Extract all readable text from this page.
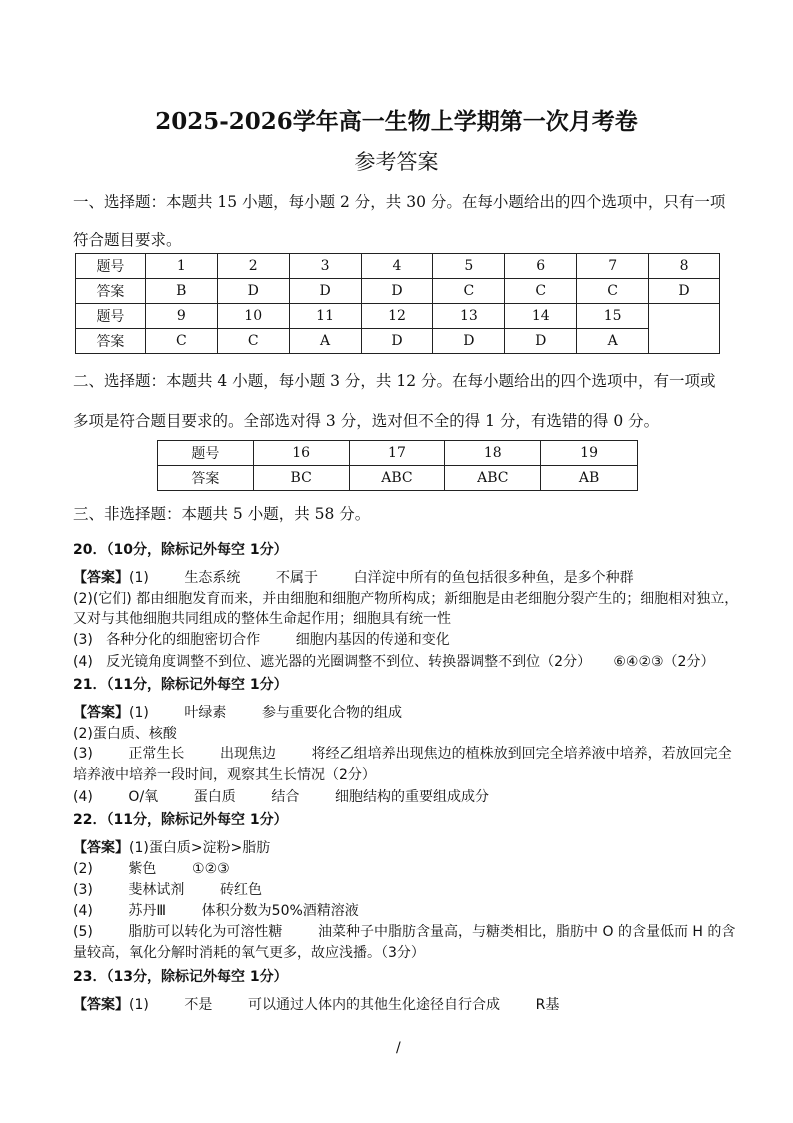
2025-2026学年高一生物上学期第一次月考卷
参考答案
一、选择题：本题共 15 小题，每小题 2 分，共 30 分。在每小题给出的四个选项中，只有一项
符合题目要求。
题号	1	2	3	4	5	6	7	8
答案	B	D	D	D	C	C	C	D
题号	9	10	11	12	13	14	15	
答案	C	C	A	D	D	D	A	
二、选择题：本题共 4 小题，每小题 3 分，共 12 分。在每小题给出的四个选项中，有一项或
多项是符合题目要求的。全部选对得 3 分，选对但不全的得 1 分，有选错的得 0 分。
题号	16	17	18	19
答案	BC	ABC	ABC	AB
三、非选择题：本题共 5 小题，共 58 分。
20．（10分，除标记外每空 1分）
【答案】(1)        生态系统        不属于        白洋淀中所有的鱼包括很多种鱼，是多个种群
(2)(它们) 都由细胞发育而来，并由细胞和细胞产物所构成；新细胞是由老细胞分裂产生的；细胞相对独立，
又对与其他细胞共同组成的整体生命起作用；细胞具有统一性
(3)   各种分化的细胞密切合作        细胞内基因的传递和变化
(4)   反光镜角度调整不到位、遮光器的光圈调整不到位、转换器调整不到位（2分）     ⑥④②③（2分）
21．（11分，除标记外每空 1分）
【答案】(1)        叶绿素        参与重要化合物的组成
(2)蛋白质、核酸
(3)        正常生长        出现焦边        将经乙组培养出现焦边的植株放到回完全培养液中培养，若放回完全
培养液中培养一段时间，观察其生长情况（2分）
(4)        O/氧        蛋白质        结合        细胞结构的重要组成成分
22．（11分，除标记外每空 1分）
【答案】(1)蛋白质>淀粉>脂肪
(2)        紫色        ①②③
(3)        斐林试剂        砖红色
(4)        苏丹Ⅲ        体积分数为50%酒精溶液
(5)        脂肪可以转化为可溶性糖        油菜种子中脂肪含量高，与糖类相比，脂肪中 O 的含量低而 H 的含
量较高，氧化分解时消耗的氧气更多，故应浅播。（3分）
23．（13分，除标记外每空 1分）
【答案】(1)        不是        可以通过人体内的其他生化途径自行合成        R基
/
